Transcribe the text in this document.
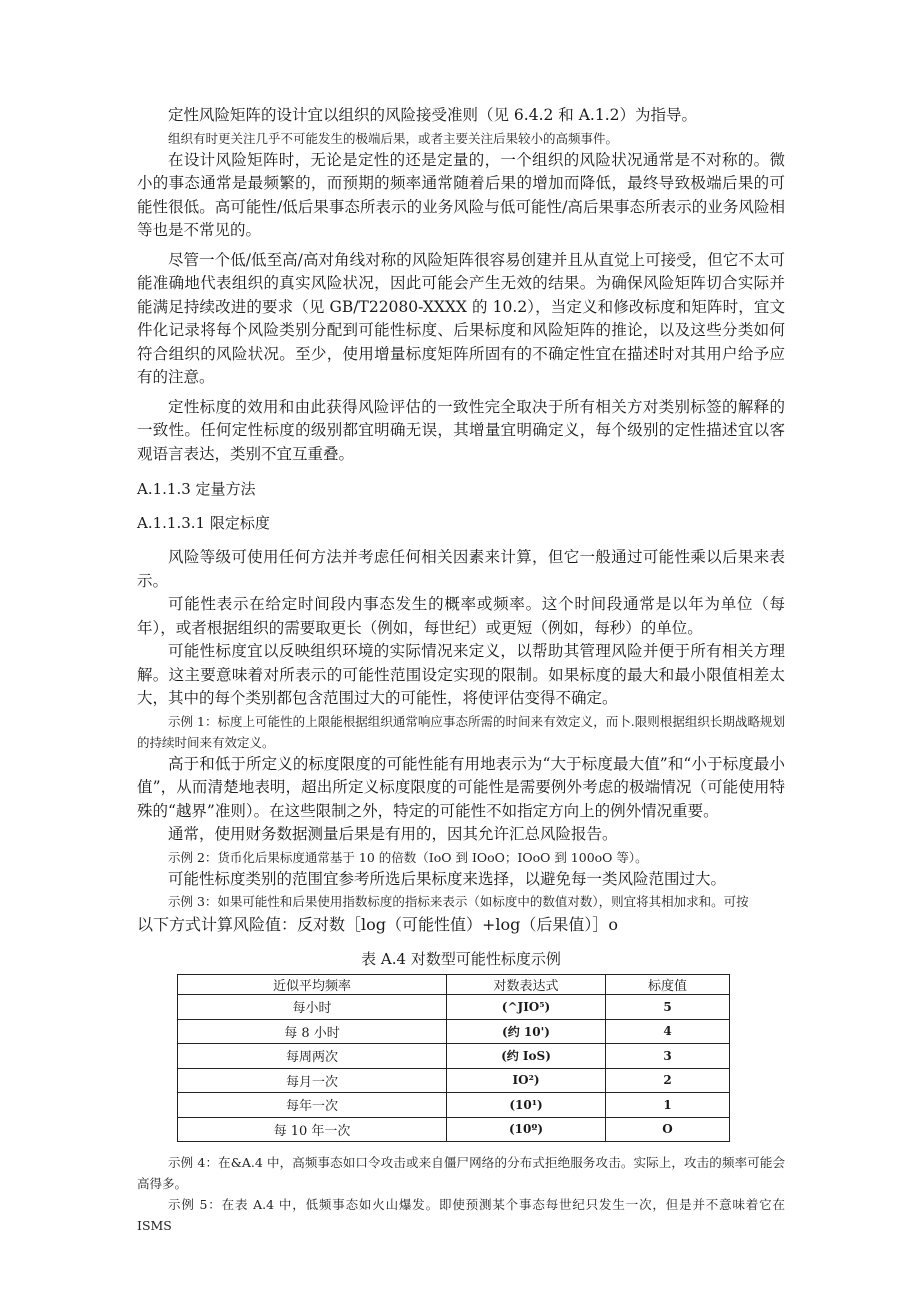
定性风险矩阵的设计宜以组织的风险接受准则（见 6.4.2 和 A.1.2）为指导。

组织有时更关注几乎不可能发生的极端后果，或者主要关注后果较小的高频事件。

在设计风险矩阵时，无论是定性的还是定量的，一个组织的风险状况通常是不对称的。微小的事态通常是最频繁的，而预期的频率通常随着后果的增加而降低，最终导致极端后果的可能性很低。高可能性/低后果事态所表示的业务风险与低可能性/高后果事态所表示的业务风险相等也是不常见的。

尽管一个低/低至高/高对角线对称的风险矩阵很容易创建并且从直觉上可接受，但它不太可能准确地代表组织的真实风险状况，因此可能会产生无效的结果。为确保风险矩阵切合实际并能满足持续改进的要求（见 GB/T22080-XXXX 的 10.2），当定义和修改标度和矩阵时，宜文件化记录将每个风险类别分配到可能性标度、后果标度和风险矩阵的推论，以及这些分类如何符合组织的风险状况。至少，使用增量标度矩阵所固有的不确定性宜在描述时对其用户给予应有的注意。

定性标度的效用和由此获得风险评估的一致性完全取决于所有相关方对类别标签的解释的一致性。任何定性标度的级别都宜明确无误，其增量宜明确定义，每个级别的定性描述宜以客观语言表达，类别不宜互重叠。

A.1.1.3 定量方法

A.1.1.3.1 限定标度

风险等级可使用任何方法并考虑任何相关因素来计算，但它一般通过可能性乘以后果来表示。

可能性表示在给定时间段内事态发生的概率或频率。这个时间段通常是以年为单位（每年），或者根据组织的需要取更长（例如，每世纪）或更短（例如，每秒）的单位。

可能性标度宜以反映组织环境的实际情况来定义，以帮助其管理风险并便于所有相关方理解。这主要意味着对所表示的可能性范围设定实现的限制。如果标度的最大和最小限值相差太大，其中的每个类别都包含范围过大的可能性，将使评估变得不确定。

示例 1：标度上可能性的上限能根据组织通常响应事态所需的时间来有效定义，而卜.限则根据组织长期战略规划的持续时间来有效定义。

高于和低于所定义的标度限度的可能性能有用地表示为“大于标度最大值”和“小于标度最小值”，从而清楚地表明，超出所定义标度限度的可能性是需要例外考虑的极端情况（可能使用特殊的“越界”准则）。在这些限制之外，特定的可能性不如指定方向上的例外情况重要。

通常，使用财务数据测量后果是有用的，因其允许汇总风险报告。

示例 2：货币化后果标度通常基于 10 的倍数（IoO 到 IOoO；IOoO 到 100oO 等）。

可能性标度类别的范围宜参考所选后果标度来选择，以避免每一类风险范围过大。

示例 3：如果可能性和后果使用指数标度的指标来表示（如标度中的数值对数），则宜将其相加求和。可按

以下方式计算风险值：反对数［log（可能性值）+log（后果值）］o

表 A.4 对数型可能性标度示例

近似平均频率	对数表达式	标度值
每小时	(^JIO⁵)	5
每 8 小时	(约 10')	4
每周两次	(约 IoS)	3
每月一次	IO²)	2
每年一次	(10¹)	1
每 10 年一次	(10º)	O

示例 4：在&A.4 中，高频事态如口令攻击或来自僵尸网络的分布式拒绝服务攻击。实际上，攻击的频率可能会高得多。

示例 5：在表 A.4 中，低频事态如火山爆发。即使预测某个事态每世纪只发生一次，但是并不意味着它在 ISMS
